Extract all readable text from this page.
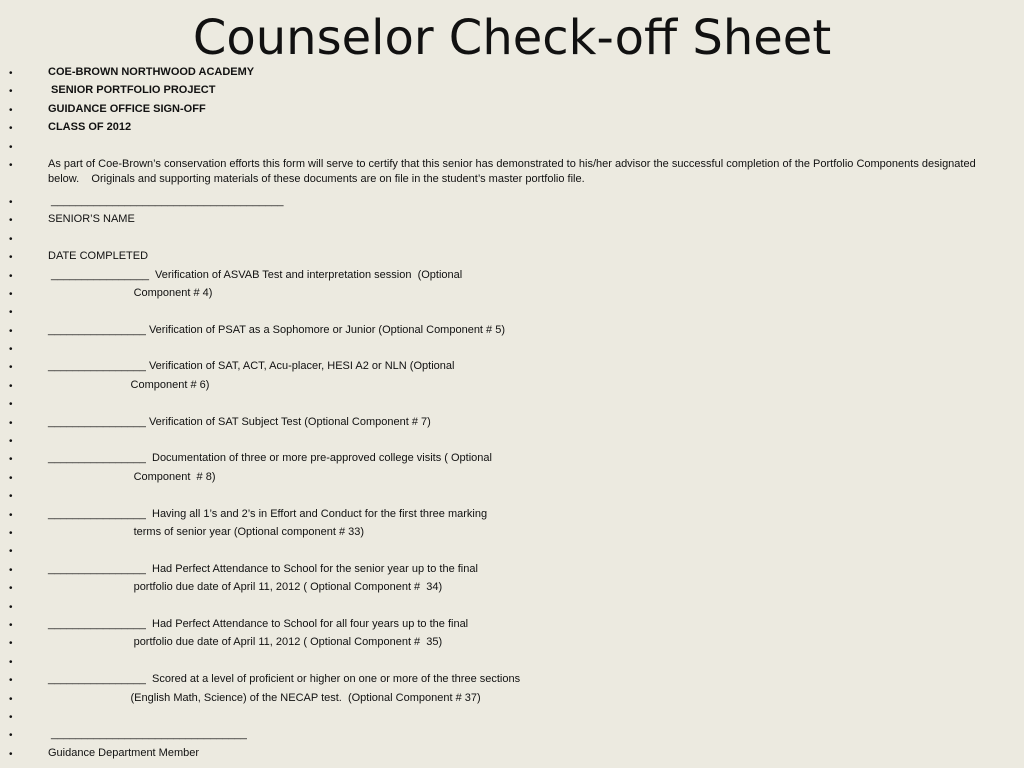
Counselor Check-off Sheet
•	COE-BROWN NORTHWOOD ACADEMY
•	SENIOR PORTFOLIO PROJECT
•	GUIDANCE OFFICE SIGN-OFF
•	CLASS OF 2012
•
•	As part of Coe-Brown’s conservation efforts this form will serve to certify that this senior has demonstrated to his/her advisor the successful completion of the Portfolio Components designated below.    Originals and supporting materials of these documents are on file in the student’s master portfolio file.
•	______________________________________
•	SENIOR’S NAME
•
•	DATE COMPLETED
•	________________  Verification of ASVAB Test and interpretation session  (Optional
•	Component # 4)
•
•	________________ Verification of PSAT as a Sophomore or Junior (Optional Component # 5)
•
•	________________ Verification of SAT, ACT, Acu-placer, HESI A2 or NLN (Optional
•	Component # 6)
•
•	________________ Verification of SAT Subject Test (Optional Component # 7)
•
•	________________  Documentation of three or more pre-approved college visits ( Optional
•	Component  # 8)
•
•	________________  Having all 1’s and 2’s in Effort and Conduct for the first three marking
•	terms of senior year (Optional component # 33)
•
•	________________  Had Perfect Attendance to School for the senior year up to the final
•	portfolio due date of April 11, 2012 ( Optional Component #  34)
•
•	________________  Had Perfect Attendance to School for all four years up to the final
•	portfolio due date of April 11, 2012 ( Optional Component #  35)
•
•	________________  Scored at a level of proficient or higher on one or more of the three sections
•	(English Math, Science) of the NECAP test.  (Optional Component # 37)
•
•	________________________________
•	Guidance Department Member
